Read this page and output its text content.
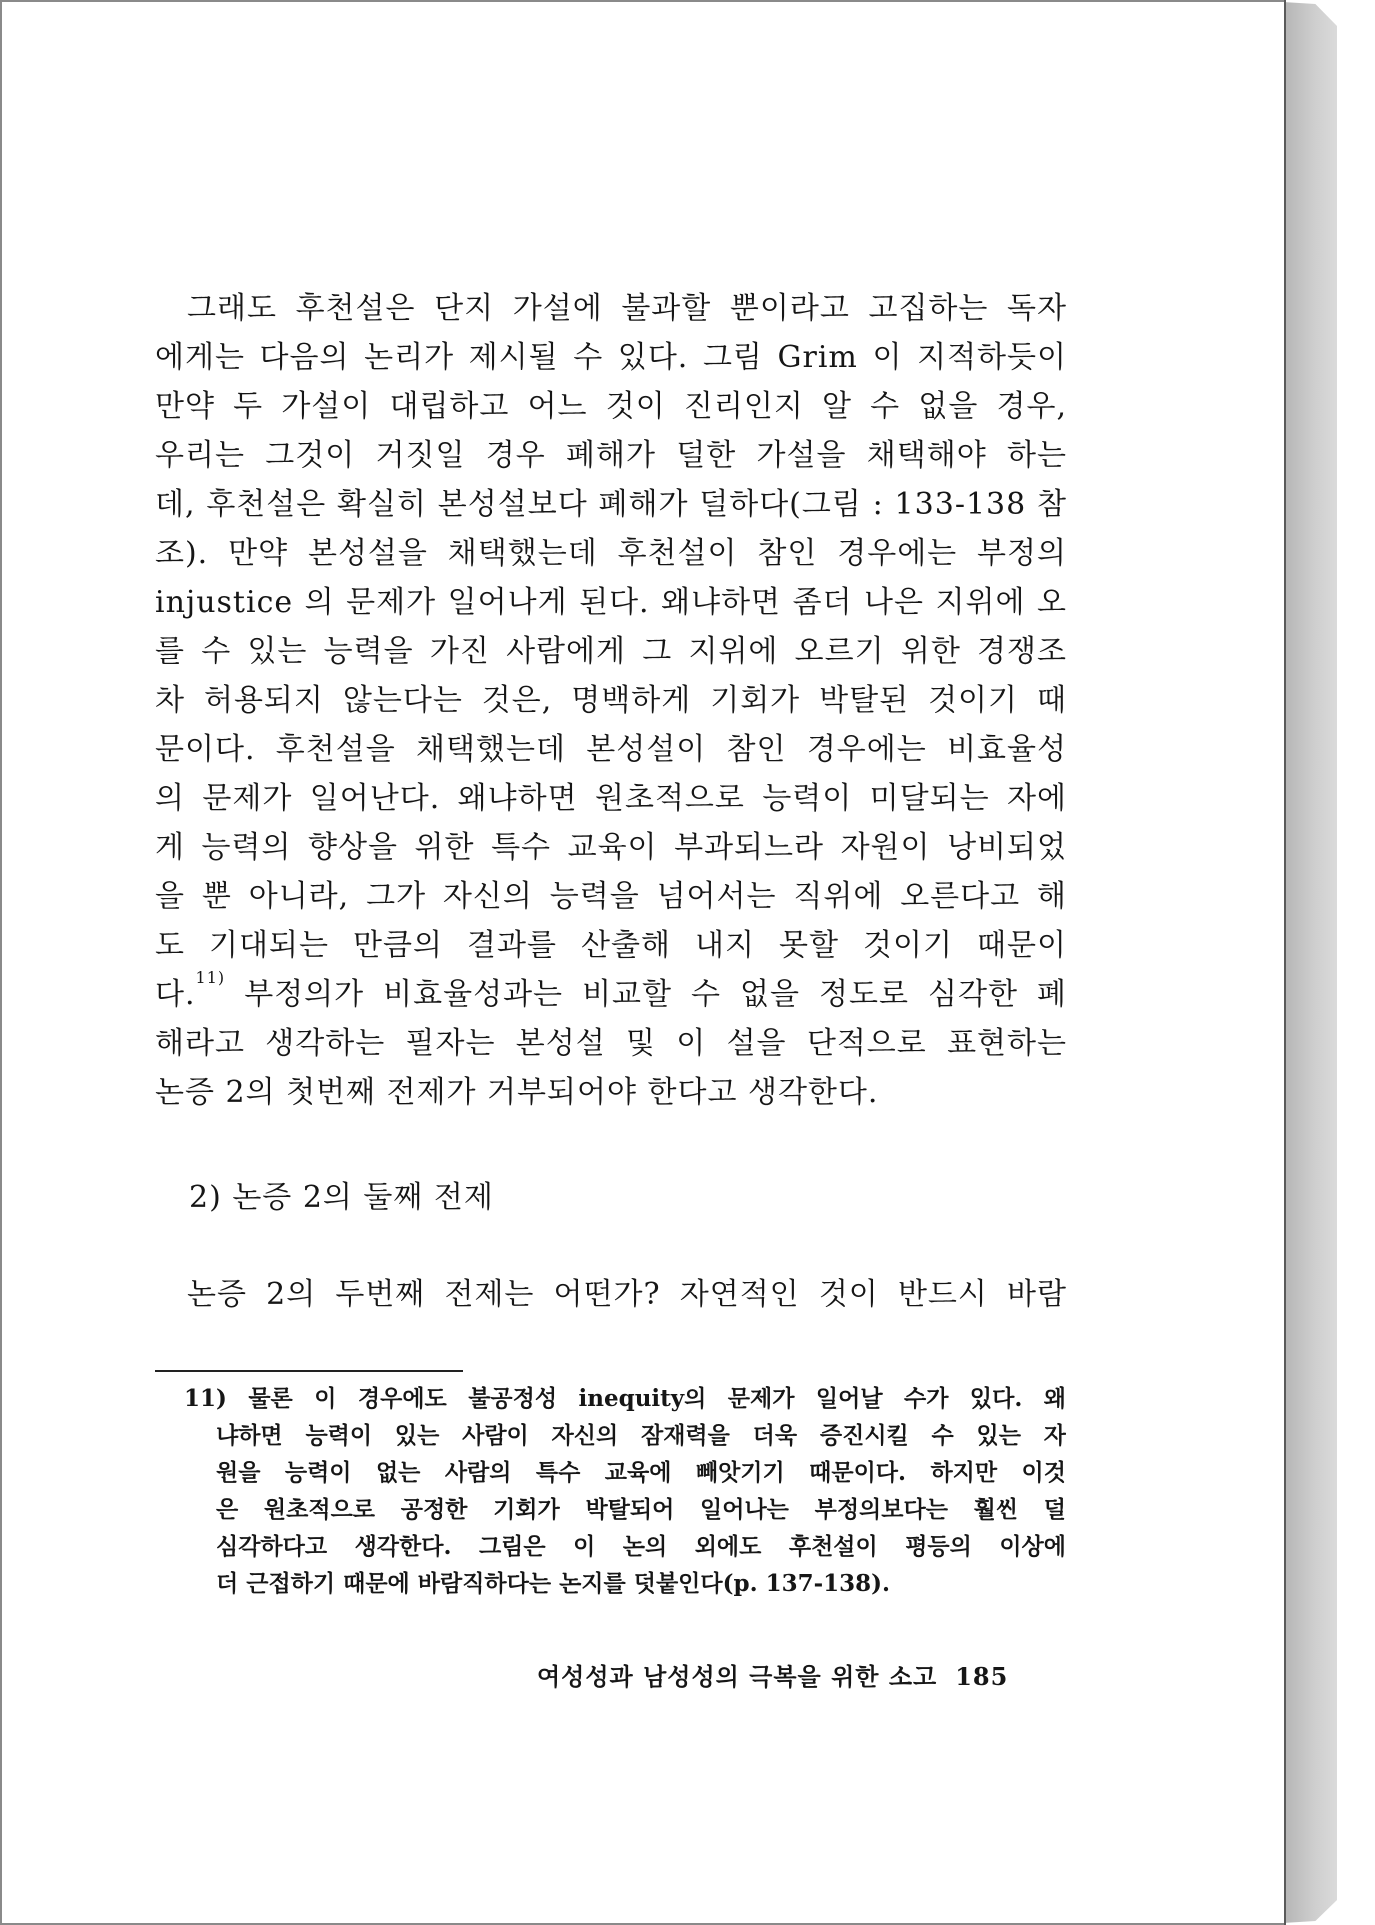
그래도 후천설은 단지 가설에 불과할 뿐이라고 고집하는 독자
에게는 다음의 논리가 제시될 수 있다. 그림 Grim 이 지적하듯이
만약 두 가설이 대립하고 어느 것이 진리인지 알 수 없을 경우,
우리는 그것이 거짓일 경우 폐해가 덜한 가설을 채택해야 하는
데, 후천설은 확실히 본성설보다 폐해가 덜하다(그림 : 133-138 참
조). 만약 본성설을 채택했는데 후천설이 참인 경우에는 부정의
injustice 의 문제가 일어나게 된다. 왜냐하면 좀더 나은 지위에 오
를 수 있는 능력을 가진 사람에게 그 지위에 오르기 위한 경쟁조
차 허용되지 않는다는 것은, 명백하게 기회가 박탈된 것이기 때
문이다. 후천설을 채택했는데 본성설이 참인 경우에는 비효율성
의 문제가 일어난다. 왜냐하면 원초적으로 능력이 미달되는 자에
게 능력의 향상을 위한 특수 교육이 부과되느라 자원이 낭비되었
을 뿐 아니라, 그가 자신의 능력을 넘어서는 직위에 오른다고 해
도 기대되는 만큼의 결과를 산출해 내지 못할 것이기 때문이
다.$^{11)}$ 부정의가 비효율성과는 비교할 수 없을 정도로 심각한 폐
해라고 생각하는 필자는 본성설 및 이 설을 단적으로 표현하는
논증 2의 첫번째 전제가 거부되어야 한다고 생각한다.
2) 논증 2의 둘째 전제
논증 2의 두번째 전제는 어떤가? 자연적인 것이 반드시 바람
11) 물론 이 경우에도 불공정성 inequity의 문제가 일어날 수가 있다. 왜
냐하면 능력이 있는 사람이 자신의 잠재력을 더욱 증진시킬 수 있는 자
원을 능력이 없는 사람의 특수 교육에 빼앗기기 때문이다. 하지만 이것
은 원초적으로 공정한 기회가 박탈되어 일어나는 부정의보다는 훨씬 덜
심각하다고 생각한다. 그림은 이 논의 외에도 후천설이 평등의 이상에
더 근접하기 때문에 바람직하다는 논지를 덧붙인다(p. 137-138).
여성성과 남성성의 극복을 위한 소고 185
